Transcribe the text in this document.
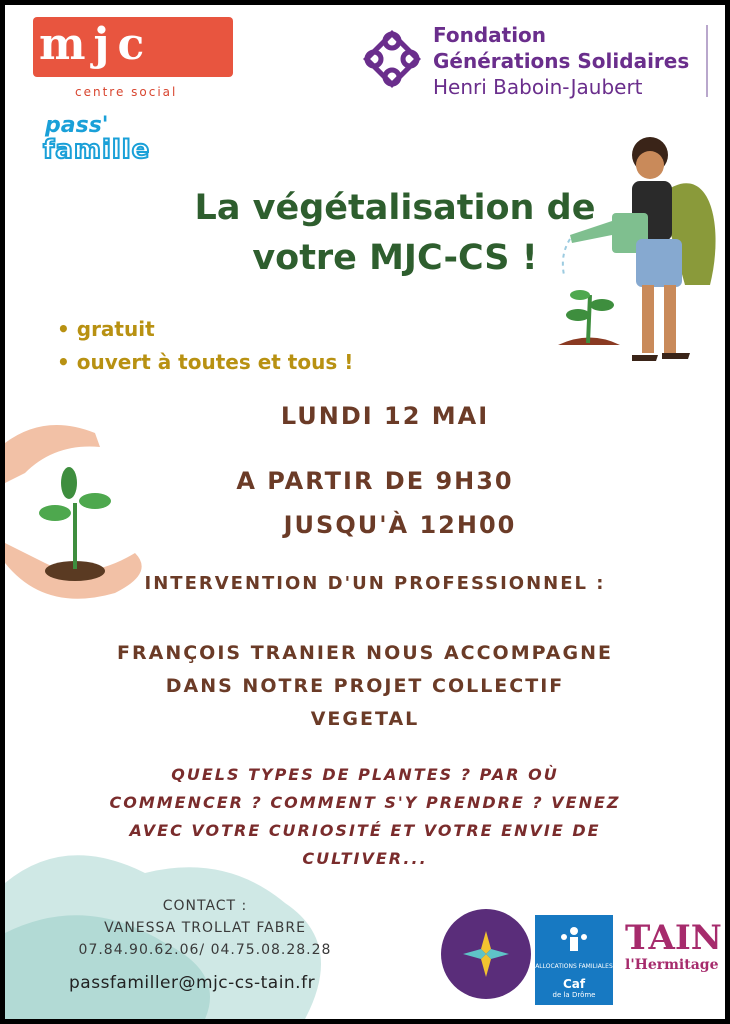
mjc
centre social
Fondation
Générations Solidaires
Henri Baboin-Jaubert
pass'
famille
La végétalisation de votre MJC-CS !
• gratuit
• ouvert à toutes et tous !
LUNDI 12 MAI
A PARTIR DE 9H30
JUSQU'À 12H00
INTERVENTION D'UN PROFESSIONNEL :
FRANÇOIS TRANIER NOUS ACCOMPAGNE DANS NOTRE PROJET COLLECTIF VEGETAL
QUELS TYPES DE PLANTES ? PAR OÙ COMMENCER ? COMMENT S'Y PRENDRE ? VENEZ AVEC VOTRE CURIOSITÉ ET VOTRE ENVIE DE CULTIVER...
CONTACT :
VANESSA TROLLAT FABRE
07.84.90.62.06/ 04.75.08.28.28
passfamiller@mjc-cs-tain.fr
ALLOCATIONS FAMILIALES
Caf
de la Drôme
TAIN
l'Hermitage
